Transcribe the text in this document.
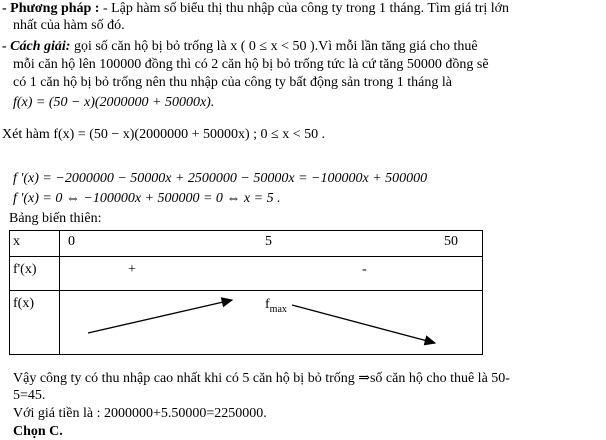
- Phương pháp : - Lập hàm số biểu thị thu nhập của công ty trong 1 tháng. Tìm giá trị lớn
nhất của hàm số đó.
- Cách giải: gọi số căn hộ bị bỏ trống là x ( 0 ≤ x < 50 ).Vì mỗi lần tăng giá cho thuê
mỗi căn hộ lên 100000 đồng thì có 2 căn hộ bị bỏ trống tức là cứ tăng 50000 đồng sẽ
có 1 căn hộ bị bỏ trống nên thu nhập của công ty bất động sản trong 1 tháng là
f(x) = (50 − x)(2000000 + 50000x).
Xét hàm f(x) = (50 − x)(2000000 + 50000x) ; 0 ≤ x < 50 .
f '(x) = −2000000 − 50000x + 2500000 − 50000x = −100000x + 500000
f '(x) = 0 ⇔ −100000x + 500000 = 0 ⇔ x = 5 .
Bảng biến thiên:
x	0 5 50

f'(x)	+ -

f(x)	$f_{max}$
Vậy công ty có thu nhập cao nhất khi có 5 căn hộ bị bỏ trống ⇒số căn hộ cho thuê là 50-
5=45.
Với giá tiền là : 2000000+5.50000=2250000.
Chọn C.
